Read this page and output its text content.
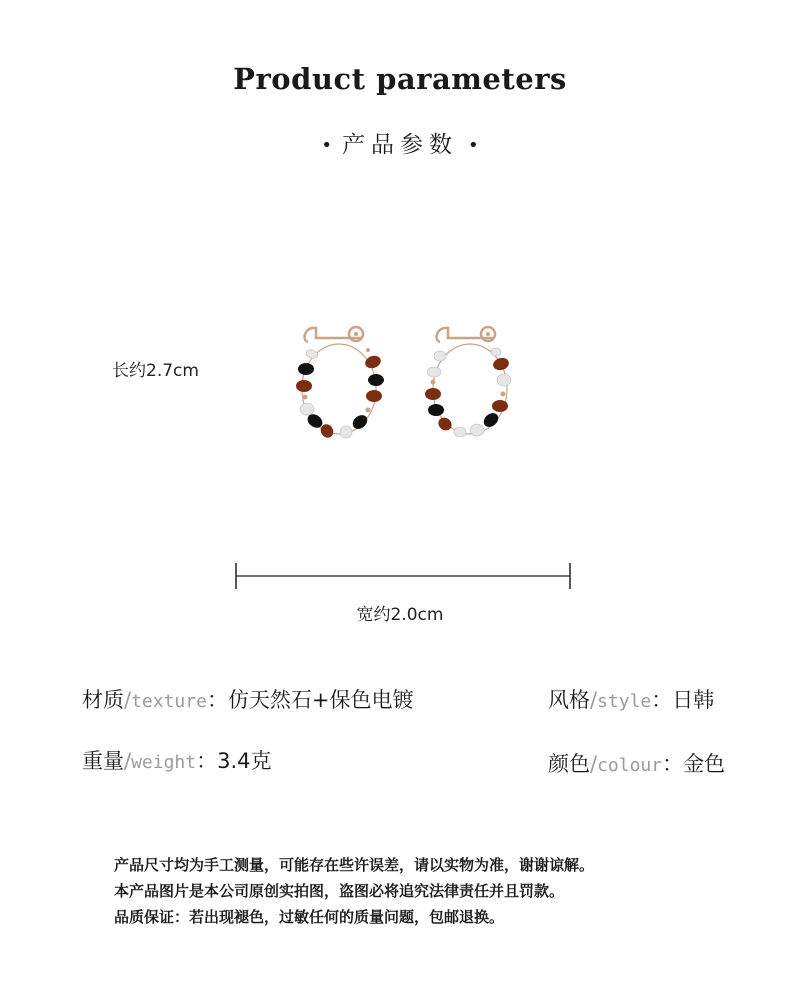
Product parameters
• 产品参数 •
长约2.7cm
宽约2.0cm
材质/texture：仿天然石+保色电镀	风格/style：日韩
重量/weight：3.4克	颜色/colour：金色
产品尺寸均为手工测量，可能存在些许误差，请以实物为准，谢谢谅解。
本产品图片是本公司原创实拍图，盗图必将追究法律责任并且罚款。
品质保证：若出现褪色，过敏任何的质量问题，包邮退换。
